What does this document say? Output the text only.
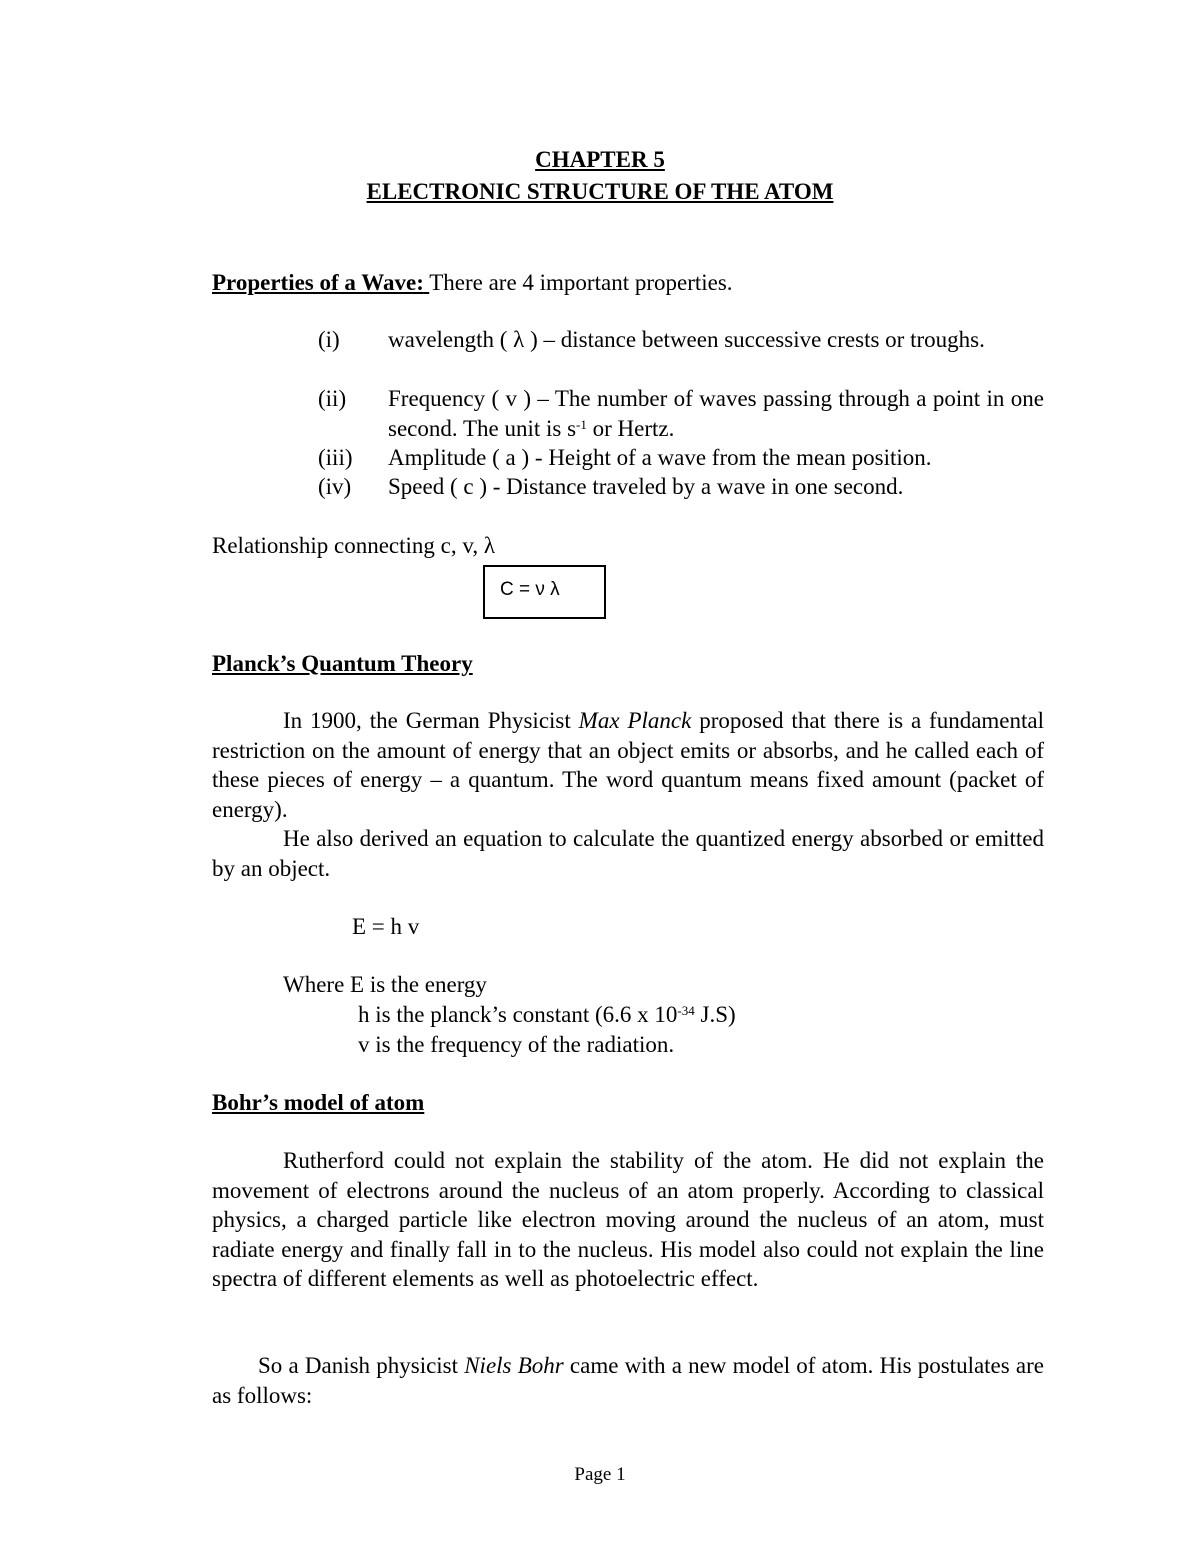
CHAPTER 5
ELECTRONIC STRUCTURE OF THE ATOM
Properties of a Wave: There are 4 important properties.
(i) wavelength ( λ ) – distance between successive crests or troughs.
(ii) Frequency ( v ) – The number of waves passing through a point in one second. The unit is $s^{-1}$ or Hertz.
(iii) Amplitude ( a ) - Height of a wave from the mean position.
(iv) Speed ( c ) - Distance traveled by a wave in one second.
Relationship connecting c, v, λ
C = ν λ
Planck’s Quantum Theory
In 1900, the German Physicist Max Planck proposed that there is a fundamental restriction on the amount of energy that an object emits or absorbs, and he called each of these pieces of energy – a quantum. The word quantum means fixed amount (packet of energy).
He also derived an equation to calculate the quantized energy absorbed or emitted by an object.
E = h v
Where E is the energy
h is the planck’s constant (6.6 x $10^{-34}$ J.S)
v is the frequency of the radiation.
Bohr’s model of atom
Rutherford could not explain the stability of the atom. He did not explain the movement of electrons around the nucleus of an atom properly. According to classical physics, a charged particle like electron moving around the nucleus of an atom, must radiate energy and finally fall in to the nucleus. His model also could not explain the line spectra of different elements as well as photoelectric effect.
So a Danish physicist Niels Bohr came with a new model of atom. His postulates are as follows:
Page 1
